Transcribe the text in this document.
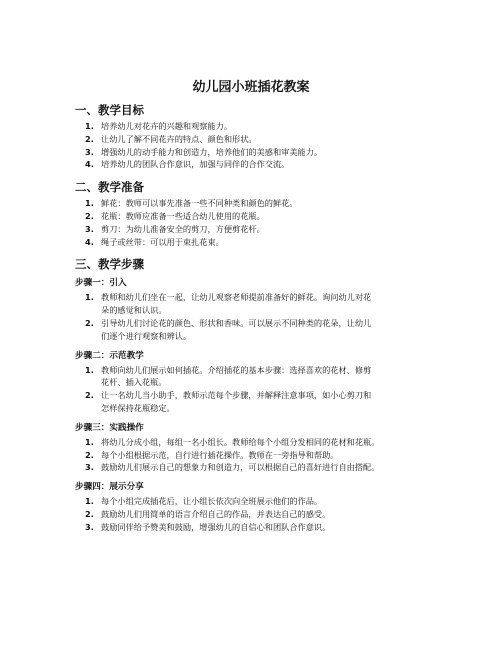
幼儿园小班插花教案
一、教学目标
1. 培养幼儿对花卉的兴趣和观察能力。
2. 让幼儿了解不同花卉的特点、颜色和形状。
3. 增强幼儿的动手能力和创造力，培养他们的美感和审美能力。
4. 培养幼儿的团队合作意识，加强与同伴的合作交流。
二、教学准备
1. 鲜花：教师可以事先准备一些不同种类和颜色的鲜花。
2. 花瓶：教师应准备一些适合幼儿使用的花瓶。
3. 剪刀：为幼儿准备安全的剪刀，方便剪花杆。
4. 绳子或丝带：可以用于束扎花束。
三、教学步骤
步骤一：引入
1. 教师和幼儿们坐在一起，让幼儿观察老师提前准备好的鲜花。询问幼儿对花
朵的感觉和认识。
2. 引导幼儿们讨论花的颜色、形状和香味。可以展示不同种类的花朵，让幼儿
们逐个进行观察和辨认。
步骤二：示范教学
1. 教师向幼儿们展示如何插花。介绍插花的基本步骤：选择喜欢的花材、修剪
花杆、插入花瓶。
2. 让一名幼儿当小助手，教师示范每个步骤，并解释注意事项，如小心剪刀和
怎样保持花瓶稳定。
步骤三：实践操作
1. 将幼儿分成小组，每组一名小组长。教师给每个小组分发相同的花材和花瓶。
2. 每个小组根据示范，自行进行插花操作。教师在一旁指导和帮助。
3. 鼓励幼儿们展示自己的想象力和创造力，可以根据自己的喜好进行自由搭配。
步骤四：展示分享
1. 每个小组完成插花后，让小组长依次向全班展示他们的作品。
2. 鼓励幼儿们用简单的语言介绍自己的作品，并表达自己的感受。
3. 鼓励同伴给予赞美和鼓励，增强幼儿的自信心和团队合作意识。
